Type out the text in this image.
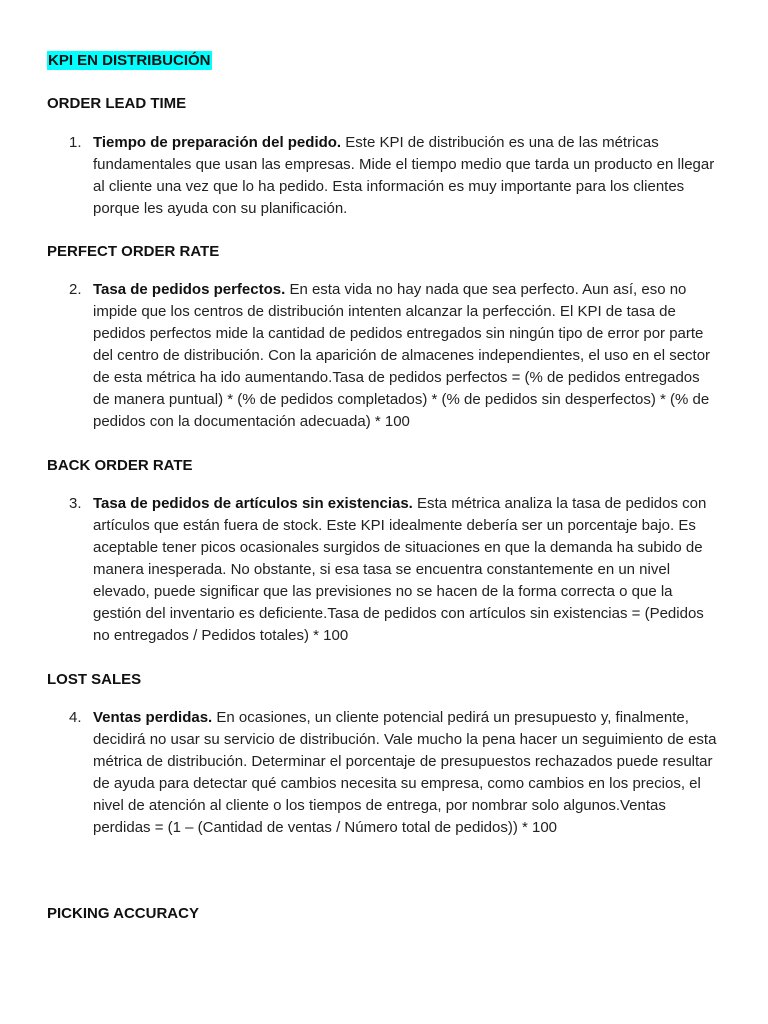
KPI EN DISTRIBUCIÓN
ORDER LEAD TIME
1. Tiempo de preparación del pedido. Este KPI de distribución es una de las métricas fundamentales que usan las empresas. Mide el tiempo medio que tarda un producto en llegar al cliente una vez que lo ha pedido. Esta información es muy importante para los clientes porque les ayuda con su planificación.
PERFECT ORDER RATE
2. Tasa de pedidos perfectos. En esta vida no hay nada que sea perfecto. Aun así, eso no impide que los centros de distribución intenten alcanzar la perfección. El KPI de tasa de pedidos perfectos mide la cantidad de pedidos entregados sin ningún tipo de error por parte del centro de distribución. Con la aparición de almacenes independientes, el uso en el sector de esta métrica ha ido aumentando.Tasa de pedidos perfectos = (% de pedidos entregados de manera puntual) * (% de pedidos completados) * (% de pedidos sin desperfectos) * (% de pedidos con la documentación adecuada) * 100
BACK ORDER RATE
3. Tasa de pedidos de artículos sin existencias. Esta métrica analiza la tasa de pedidos con artículos que están fuera de stock. Este KPI idealmente debería ser un porcentaje bajo. Es aceptable tener picos ocasionales surgidos de situaciones en que la demanda ha subido de manera inesperada. No obstante, si esa tasa se encuentra constantemente en un nivel elevado, puede significar que las previsiones no se hacen de la forma correcta o que la gestión del inventario es deficiente.Tasa de pedidos con artículos sin existencias = (Pedidos no entregados / Pedidos totales) * 100
LOST SALES
4. Ventas perdidas. En ocasiones, un cliente potencial pedirá un presupuesto y, finalmente, decidirá no usar su servicio de distribución. Vale mucho la pena hacer un seguimiento de esta métrica de distribución. Determinar el porcentaje de presupuestos rechazados puede resultar de ayuda para detectar qué cambios necesita su empresa, como cambios en los precios, el nivel de atención al cliente o los tiempos de entrega, por nombrar solo algunos.Ventas perdidas = (1 – (Cantidad de ventas / Número total de pedidos)) * 100
PICKING ACCURACY
